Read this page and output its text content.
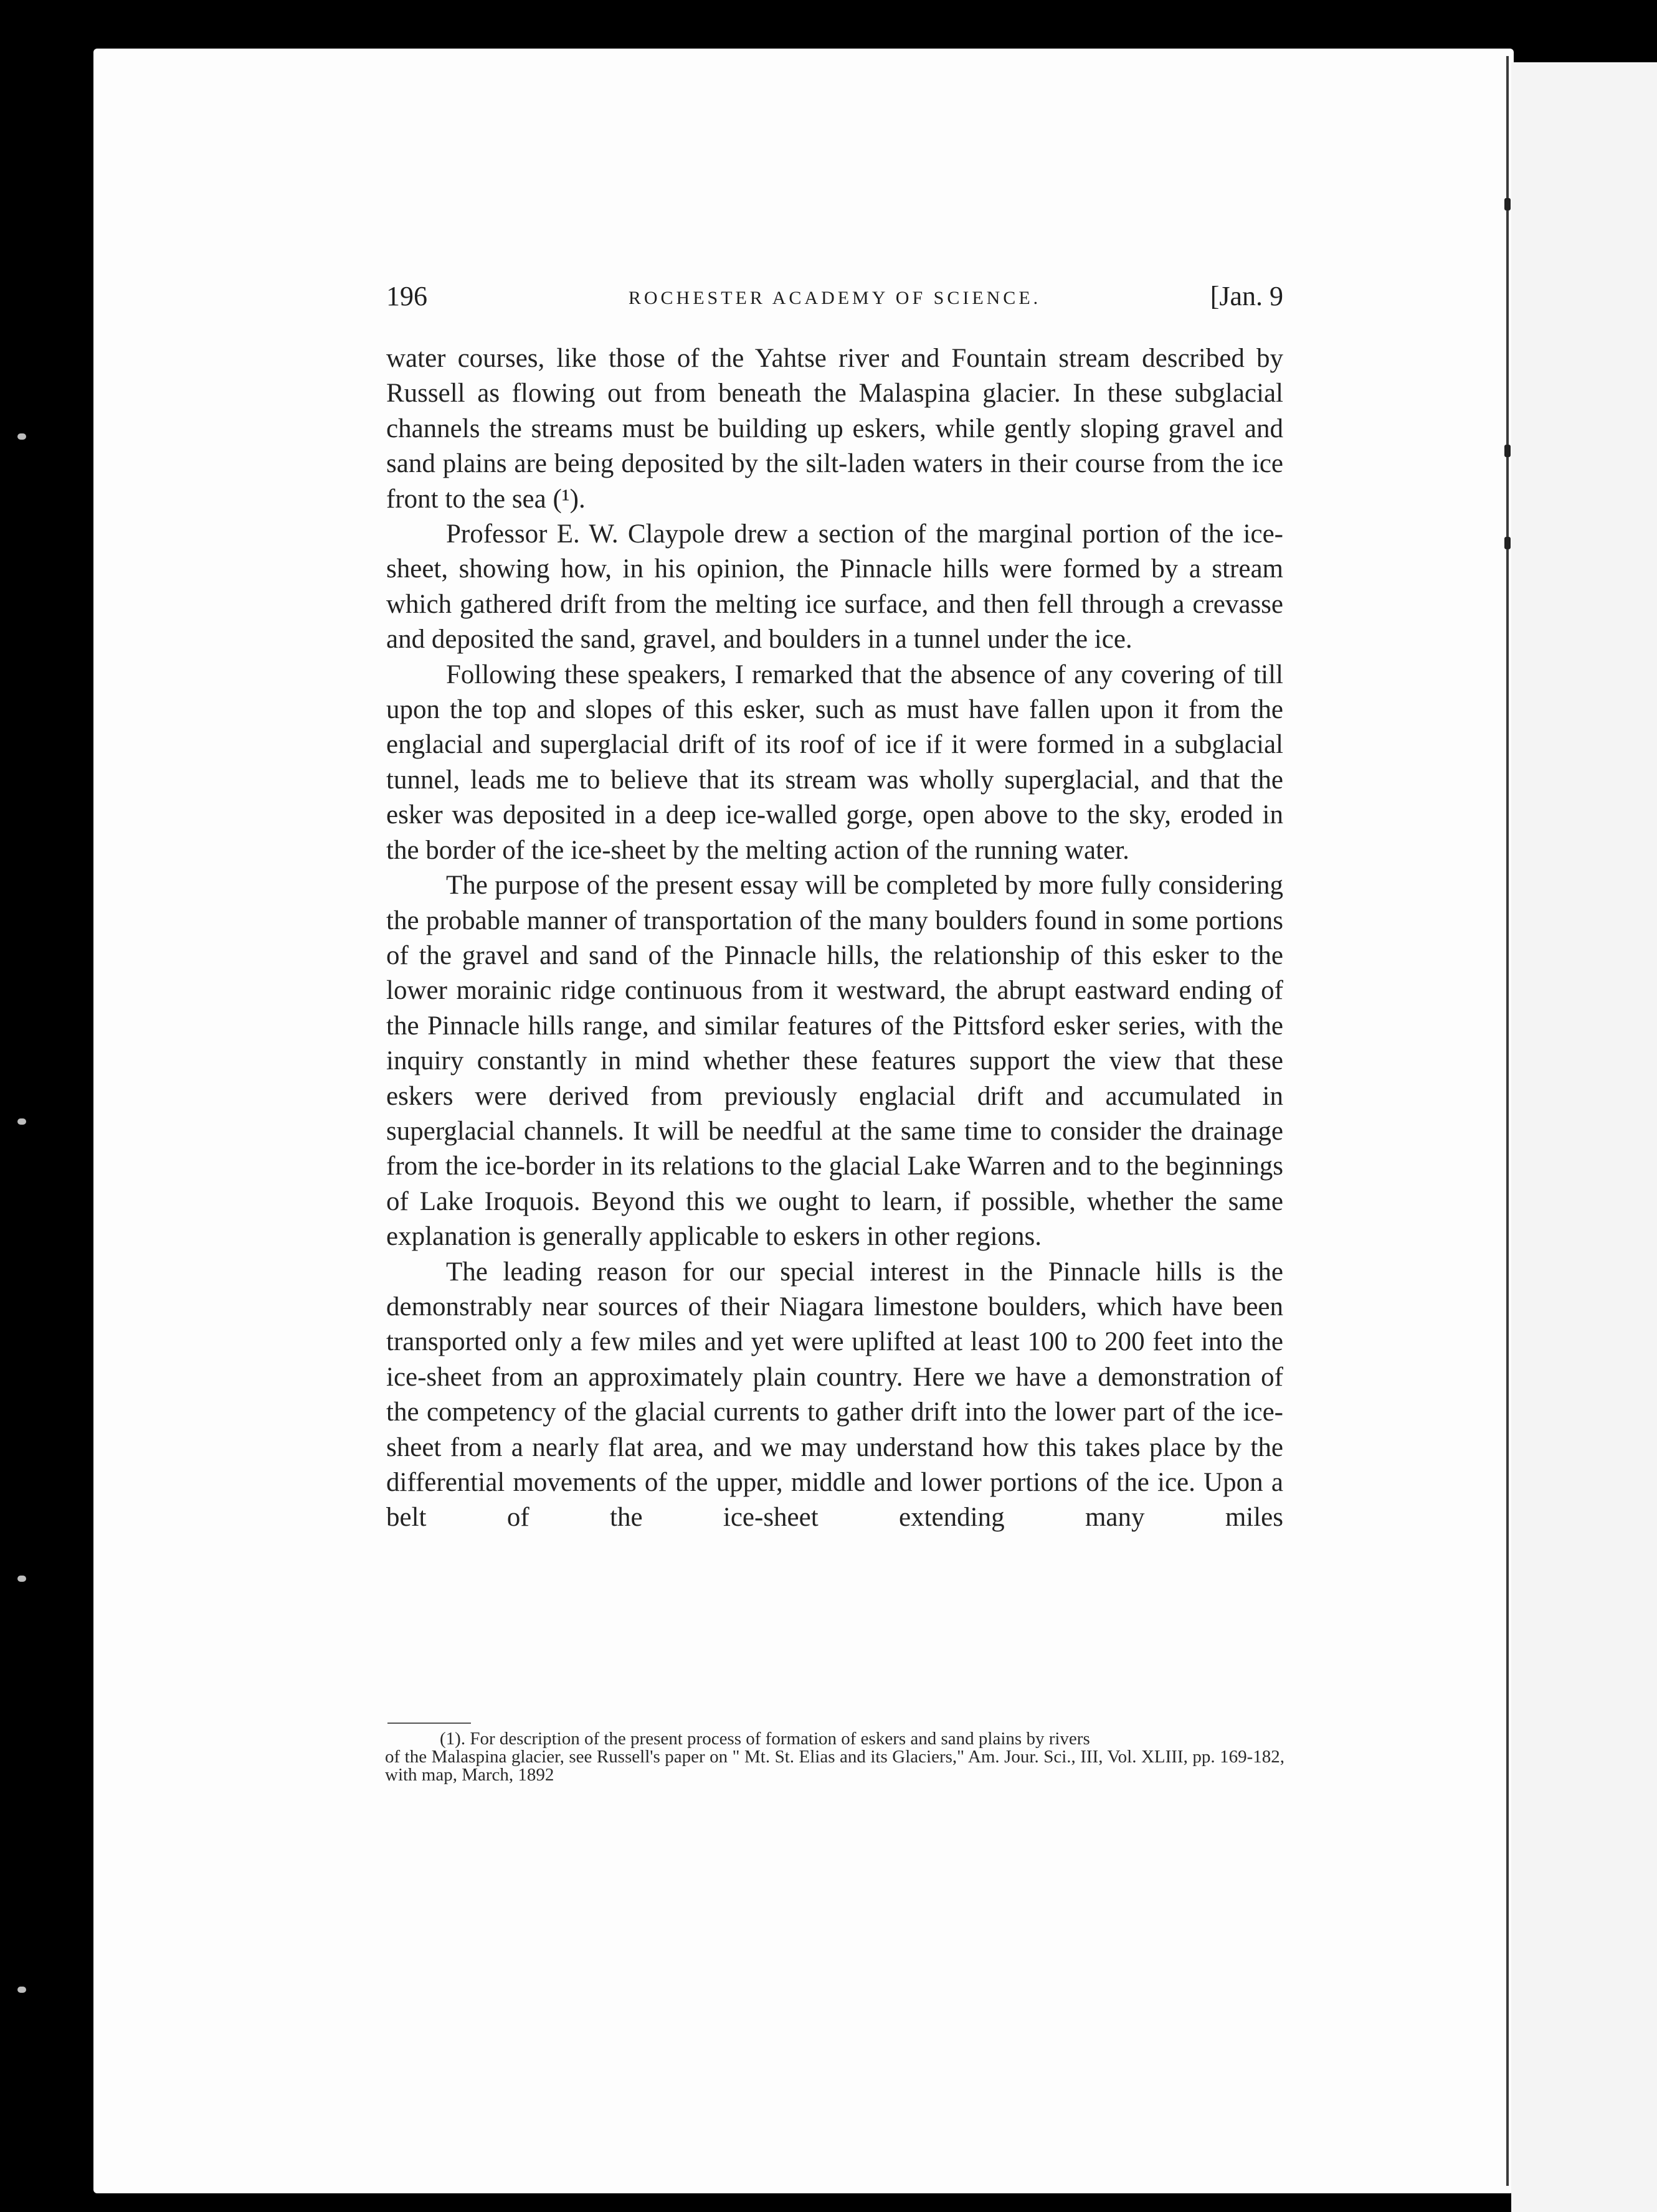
196	ROCHESTER ACADEMY OF SCIENCE.	[Jan. 9

water courses, like those of the Yahtse river and Fountain stream described by Russell as flowing out from beneath the Malaspina glacier. In these subglacial channels the streams must be building up eskers, while gently sloping gravel and sand plains are being deposited by the silt-laden waters in their course from the ice front to the sea (¹).

Professor E. W. Claypole drew a section of the marginal portion of the ice-sheet, showing how, in his opinion, the Pinnacle hills were formed by a stream which gathered drift from the melting ice surface, and then fell through a crevasse and deposited the sand, gravel, and boulders in a tunnel under the ice.

Following these speakers, I remarked that the absence of any covering of till upon the top and slopes of this esker, such as must have fallen upon it from the englacial and superglacial drift of its roof of ice if it were formed in a subglacial tunnel, leads me to believe that its stream was wholly superglacial, and that the esker was deposited in a deep ice-walled gorge, open above to the sky, eroded in the border of the ice-sheet by the melting action of the running water.

The purpose of the present essay will be completed by more fully considering the probable manner of transportation of the many boulders found in some portions of the gravel and sand of the Pinnacle hills, the relationship of this esker to the lower morainic ridge continuous from it westward, the abrupt eastward ending of the Pinnacle hills range, and similar features of the Pittsford esker series, with the inquiry constantly in mind whether these features support the view that these eskers were derived from previously englacial drift and accumulated in superglacial channels. It will be needful at the same time to consider the drainage from the ice-border in its relations to the glacial Lake Warren and to the beginnings of Lake Iroquois. Beyond this we ought to learn, if possible, whether the same explanation is generally applicable to eskers in other regions.

The leading reason for our special interest in the Pinnacle hills is the demonstrably near sources of their Niagara limestone boulders, which have been transported only a few miles and yet were uplifted at least 100 to 200 feet into the ice-sheet from an approximately plain country. Here we have a demonstration of the competency of the glacial currents to gather drift into the lower part of the ice-sheet from a nearly flat area, and we may understand how this takes place by the differential movements of the upper, middle and lower portions of the ice. Upon a belt of the ice-sheet extending many miles

(1). For description of the present process of formation of eskers and sand plains by rivers
of the Malaspina glacier, see Russell's paper on " Mt. St. Elias and its Glaciers," Am. Jour. Sci., III, Vol. XLIII, pp. 169-182, with map, March, 1892
